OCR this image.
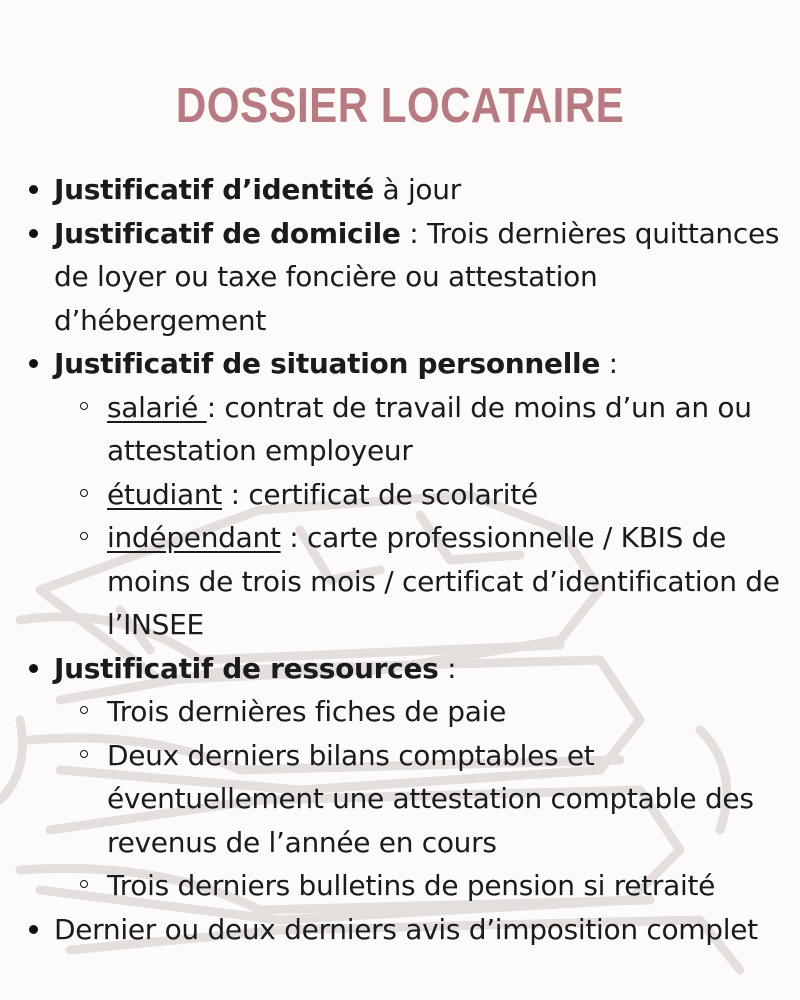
DOSSIER LOCATAIRE
Justificatif d’identité à jour
Justificatif de domicile : Trois dernières quittances de loyer ou taxe foncière ou attestation d’hébergement
Justificatif de situation personnelle :
salarié : contrat de travail de moins d’un an ou attestation employeur
étudiant : certificat de scolarité
indépendant : carte professionnelle / KBIS de moins de trois mois / certificat d’identification de l’INSEE
Justificatif de ressources :
Trois dernières fiches de paie
Deux derniers bilans comptables et éventuellement une attestation comptable des revenus de l’année en cours
Trois derniers bulletins de pension si retraité
Dernier ou deux derniers avis d’imposition complet
